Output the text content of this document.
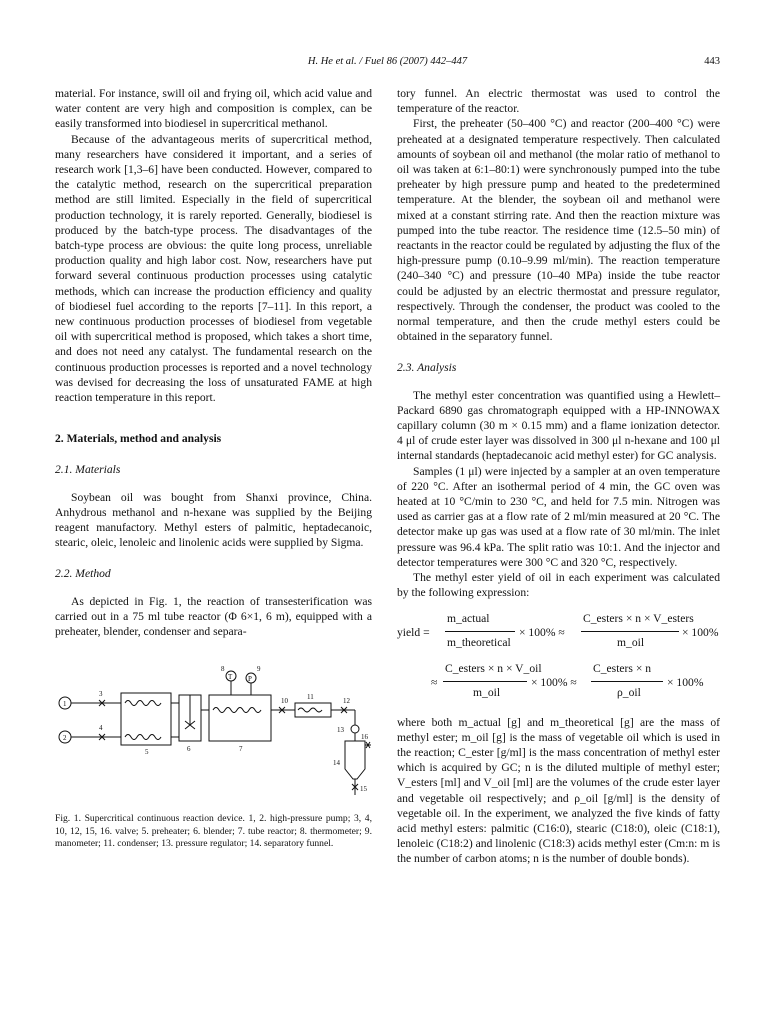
H. He et al. / Fuel 86 (2007) 442–447	443

material. For instance, swill oil and frying oil, which acid value and water content are very high and composition is complex, can be easily transformed into biodiesel in supercritical methanol.

Because of the advantageous merits of supercritical method, many researchers have considered it important, and a series of research work [1,3–6] have been conducted. However, compared to the catalytic method, research on the supercritical preparation method are still limited. Especially in the field of supercritical production technology, it is rarely reported. Generally, biodiesel is produced by the batch-type process. The disadvantages of the batch-type process are obvious: the quite long process, unreliable production quality and high labor cost. Now, researchers have put forward several continuous production processes using catalytic methods, which can increase the production efficiency and quality of biodiesel fuel according to the reports [7–11]. In this report, a new continuous production processes of biodiesel from vegetable oil with supercritical method is proposed, which takes a short time, and does not need any catalyst. The fundamental research on the continuous production processes is reported and a novel technology was devised for decreasing the loss of unsaturated FAME at high reaction temperature in this report.

2. Materials, method and analysis
2.1. Materials

Soybean oil was bought from Shanxi province, China. Anhydrous methanol and n-hexane was supplied by the Beijing reagent manufactory. Methyl esters of palmitic, heptadecanoic, stearic, oleic, lenoleic and linolenic acids were supplied by Sigma.

2.2. Method

As depicted in Fig. 1, the reaction of transesterification was carried out in a 75 ml tube reactor (Φ 6×1, 6 m), equipped with a preheater, blender, condenser and separa-

1
2
3
4
5	6	7
T
8
P
9
10	11	12
13
14
16
15
Fig. 1. Supercritical continuous reaction device. 1, 2. high-pressure pump; 3, 4, 10, 12, 15, 16. valve; 5. preheater; 6. blender; 7. tube reactor; 8. thermometer; 9. manometer; 11. condenser; 13. pressure regulator; 14. separatory funnel.

tory funnel. An electric thermostat was used to control the temperature of the reactor.

First, the preheater (50–400 °C) and reactor (200–400 °C) were preheated at a designated temperature respectively. Then calculated amounts of soybean oil and methanol (the molar ratio of methanol to oil was taken at 6:1–80:1) were synchronously pumped into the tube preheater by high pressure pump and heated to the predetermined temperature. At the blender, the soybean oil and methanol were mixed at a constant stirring rate. And then the reaction mixture was pumped into the tube reactor. The residence time (12.5–50 min) of reactants in the reactor could be regulated by adjusting the flux of the high-pressure pump (0.10–9.99 ml/min). The reaction temperature (240–340 °C) and pressure (10–40 MPa) inside the tube reactor could be adjusted by an electric thermostat and pressure regulator, respectively. Through the condenser, the product was cooled to the normal temperature, and then the crude methyl esters could be obtained in the separatory funnel.

2.3. Analysis

The methyl ester concentration was quantified using a Hewlett–Packard 6890 gas chromatograph equipped with a HP-INNOWAX capillary column (30 m × 0.15 mm) and a flame ionization detector. 4 μl of crude ester layer was dissolved in 300 μl n-hexane and 100 μl internal standards (heptadecanoic acid methyl ester) for GC analysis.

Samples (1 μl) were injected by a sampler at an oven temperature of 220 °C. After an isothermal period of 4 min, the GC oven was heated at 10 °C/min to 230 °C, and held for 7.5 min. Nitrogen was used as carrier gas at a flow rate of 2 ml/min measured at 20 °C. The detector make up gas was used at a flow rate of 30 ml/min. The inlet pressure was 96.4 kPa. The split ratio was 10:1. And the injector and detector temperatures were 300 °C and 320 °C, respectively.

The methyl ester yield of oil in each experiment was calculated by the following expression:

yield =
m_actual
m_theoretical
× 100% ≈
C_esters × n × V_esters
m_oil
× 100%
≈
C_esters × n × V_oil
m_oil
× 100% ≈
C_esters × n
ρ_oil
× 100%

where both m_actual [g] and m_theoretical [g] are the mass of methyl ester; m_oil [g] is the mass of vegetable oil which is used in the reaction; C_ester [g/ml] is the mass concentration of methyl ester which is acquired by GC; n is the diluted multiple of methyl ester; V_esters [ml] and V_oil [ml] are the volumes of the crude ester layer and vegetable oil respectively; and ρ_oil [g/ml] is the density of vegetable oil. In the experiment, we analyzed the five kinds of fatty acid methyl esters: palmitic (C16:0), stearic (C18:0), oleic (C18:1), lenoleic (C18:2) and linolenic (C18:3) acids methyl ester (Cm:n: m is the number of carbon atoms; n is the number of double bonds).
